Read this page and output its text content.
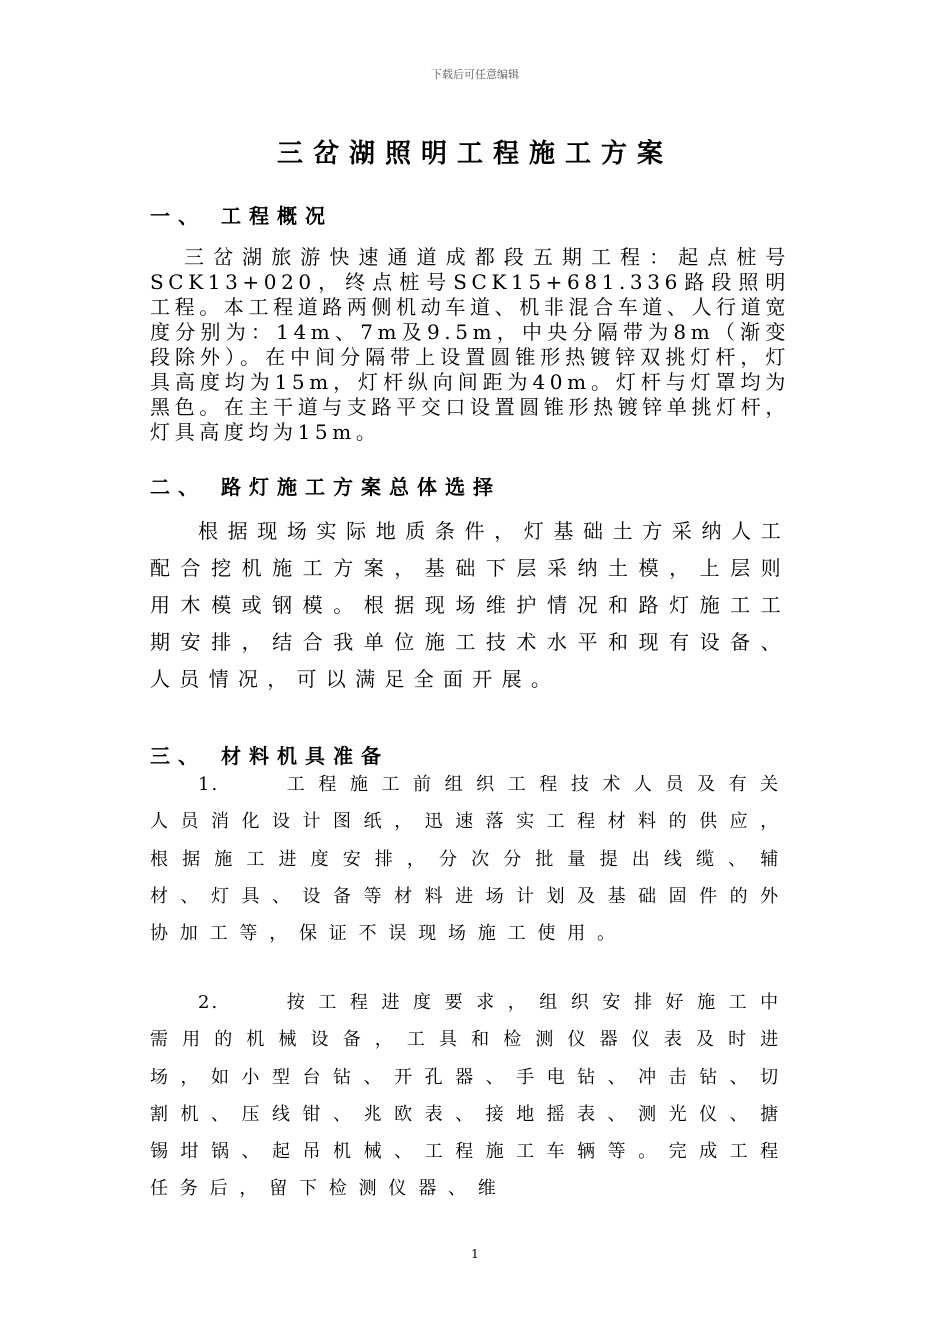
下载后可任意编辑
三岔湖照明工程施工方案
一、 工程概况
三岔湖旅游快速通道成都段五期工程：起点桩号SCK13+020，终点桩号SCK15+681.336路段照明工程。本工程道路两侧机动车道、机非混合车道、人行道宽度分别为：14m、7m及9.5m，中央分隔带为8m（渐变段除外）。在中间分隔带上设置圆锥形热镀锌双挑灯杆，灯具高度均为15m，灯杆纵向间距为40m。灯杆与灯罩均为黑色。在主干道与支路平交口设置圆锥形热镀锌单挑灯杆，灯具高度均为15m。
二、 路灯施工方案总体选择
根据现场实际地质条件，灯基础土方采纳人工配合挖机施工方案，基础下层采纳土模，上层则用木模或钢模。根据现场维护情况和路灯施工工期安排，结合我单位施工技术水平和现有设备、人员情况，可以满足全面开展。
三、 材料机具准备
1.	工程施工前组织工程技术人员及有关人员消化设计图纸，迅速落实工程材料的供应，根据施工进度安排，分次分批量提出线缆、辅材、灯具、设备等材料进场计划及基础固件的外协加工等，保证不误现场施工使用。
2.	按工程进度要求，组织安排好施工中需用的机械设备，工具和检测仪器仪表及时进场，如小型台钻、开孔器、手电钻、冲击钻、切割机、压线钳、兆欧表、接地摇表、测光仪、搪锡坩锅、起吊机械、工程施工车辆等。完成工程任务后，留下检测仪器、维
1
